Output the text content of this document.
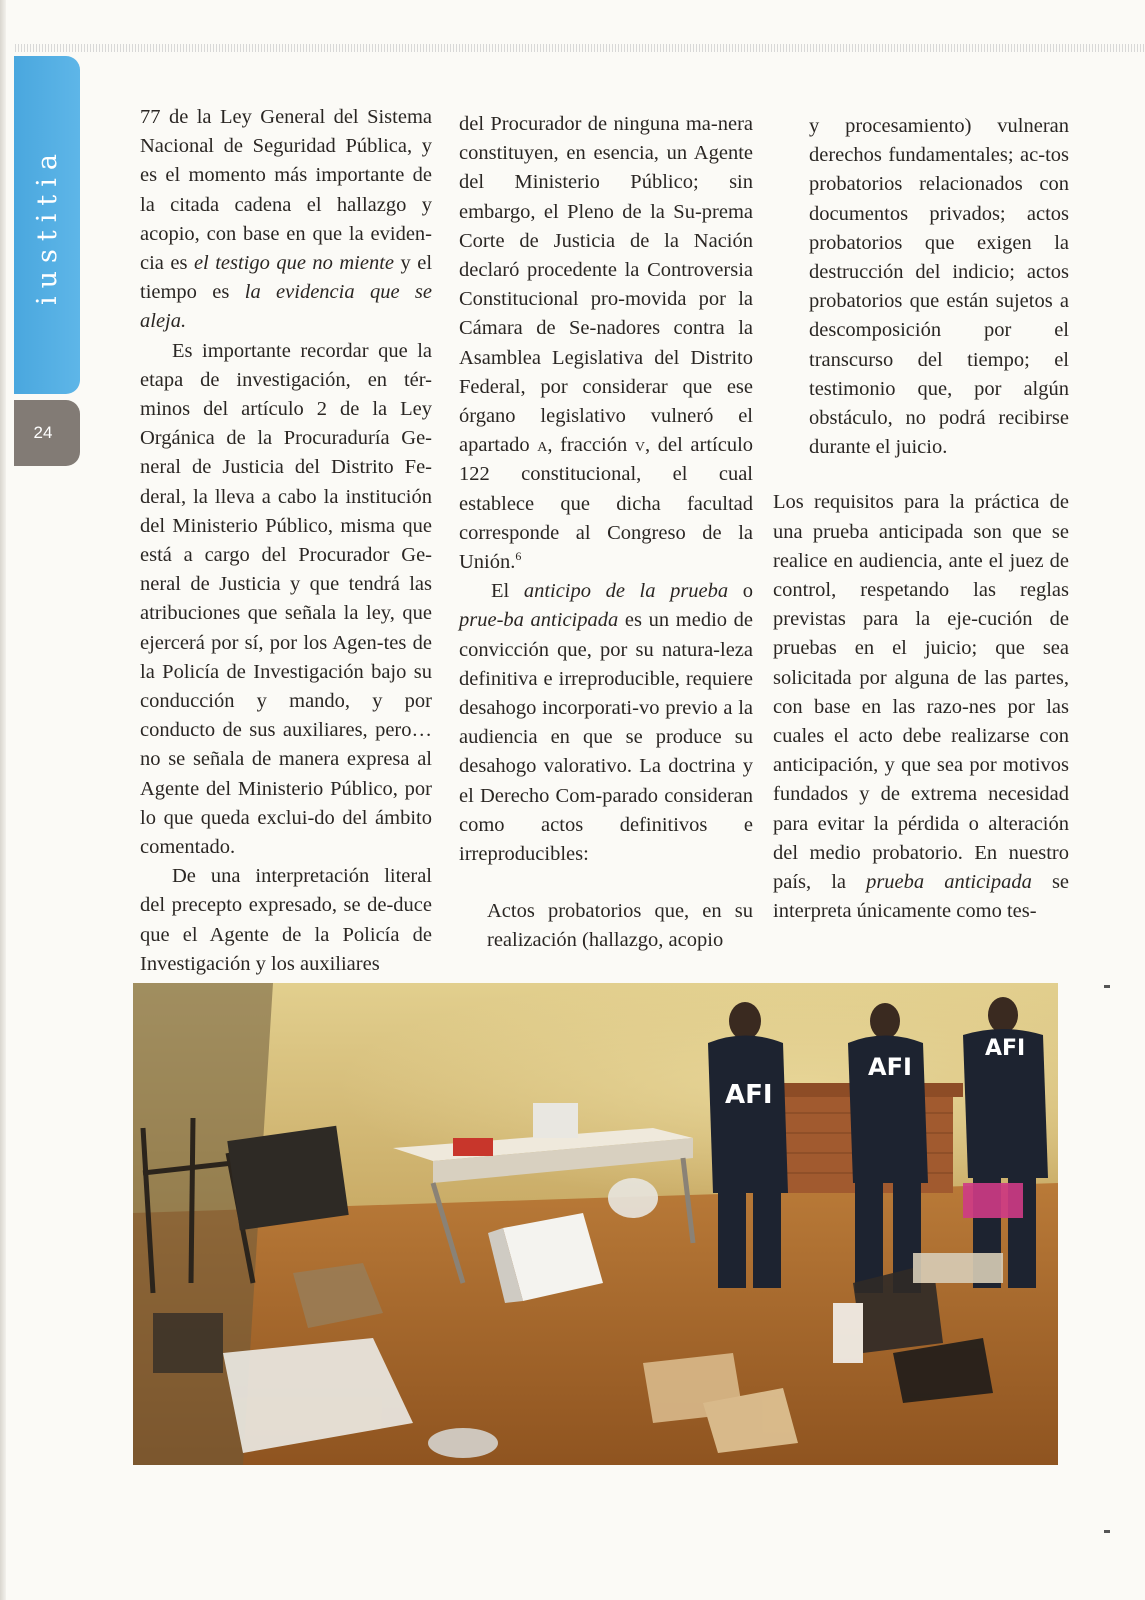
iustitia
24

77 de la Ley General del Sistema Nacional de Seguridad Pública, y es el momento más importante de la citada cadena el hallazgo y acopio, con base en que la eviden-cia es el testigo que no miente y el tiempo es la evidencia que se aleja.

Es importante recordar que la etapa de investigación, en tér-minos del artículo 2 de la Ley Orgánica de la Procuraduría Ge-neral de Justicia del Distrito Fe-deral, la lleva a cabo la institución del Ministerio Público, misma que está a cargo del Procurador Ge-neral de Justicia y que tendrá las atribuciones que señala la ley, que ejercerá por sí, por los Agen-tes de la Policía de Investigación bajo su conducción y mando, y por conducto de sus auxiliares, pero… no se señala de manera expresa al Agente del Ministerio Público, por lo que queda exclui-do del ámbito comentado.

De una interpretación literal del precepto expresado, se de-duce que el Agente de la Policía de Investigación y los auxiliares

del Procurador de ninguna ma-nera constituyen, en esencia, un Agente del Ministerio Público; sin embargo, el Pleno de la Su-prema Corte de Justicia de la Nación declaró procedente la Controversia Constitucional pro-movida por la Cámara de Se-nadores contra la Asamblea Legislativa del Distrito Federal, por considerar que ese órgano legislativo vulneró el apartado a, fracción v, del artículo 122 constitucional, el cual establece que dicha facultad corresponde al Congreso de la Unión.$^6$

El anticipo de la prueba o prue-ba anticipada es un medio de convicción que, por su natura-leza definitiva e irreproducible, requiere desahogo incorporati-vo previo a la audiencia en que se produce su desahogo valorativo. La doctrina y el Derecho Com-parado consideran como actos definitivos e irreproducibles:

Actos probatorios que, en su realización (hallazgo, acopio

y procesamiento) vulneran derechos fundamentales; ac-tos probatorios relacionados con documentos privados; actos probatorios que exigen la destrucción del indicio; actos probatorios que están sujetos a descomposición por el transcurso del tiempo; el testimonio que, por algún obstáculo, no podrá recibirse durante el juicio.

Los requisitos para la práctica de una prueba anticipada son que se realice en audiencia, ante el juez de control, respetando las reglas previstas para la eje-cución de pruebas en el juicio; que sea solicitada por alguna de las partes, con base en las razo-nes por las cuales el acto debe realizarse con anticipación, y que sea por motivos fundados y de extrema necesidad para evitar la pérdida o alteración del medio probatorio. En nuestro país, la prueba anticipada se interpreta únicamente como tes-

AFI
AFI
AFI
